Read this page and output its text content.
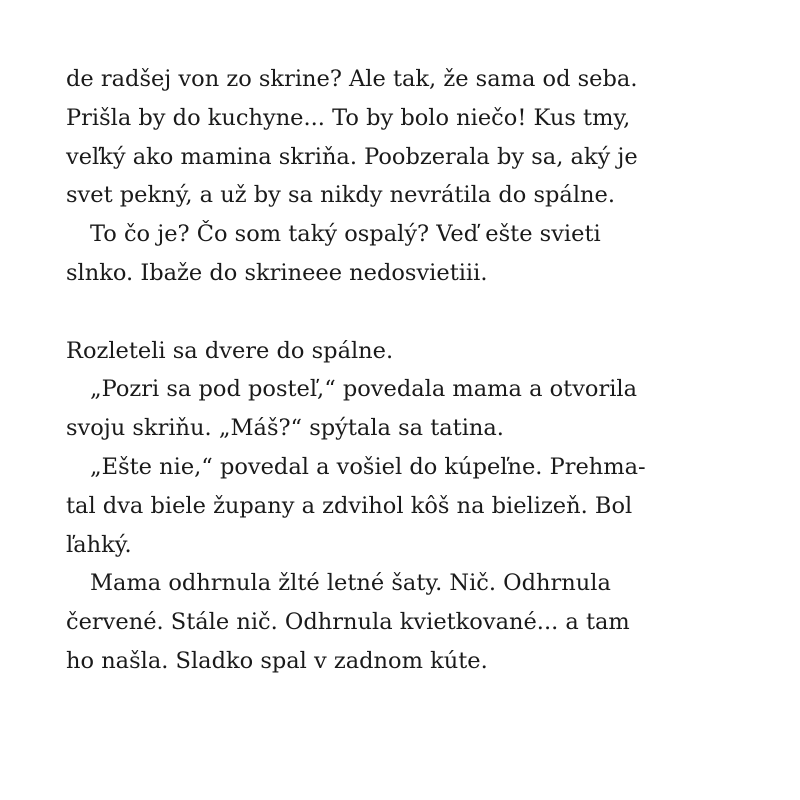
de radšej von zo skrine? Ale tak, že sama od seba.
Prišla by do kuchyne... To by bolo niečo! Kus tmy,
veľký ako mamina skriňa. Poobzerala by sa, aký je
svet pekný, a už by sa nikdy nevrátila do spálne.
To čo je? Čo som taký ospalý? Veď ešte svieti
slnko. Ibaže do skrineee nedosvietiii.
Rozleteli sa dvere do spálne.
„Pozri sa pod posteľ,“ povedala mama a otvorila
svoju skriňu. „Máš?“ spýtala sa tatina.
„Ešte nie,“ povedal a vošiel do kúpeľne. Prehma-
tal dva biele župany a zdvihol kôš na bielizeň. Bol
ľahký.
Mama odhrnula žlté letné šaty. Nič. Odhrnula
červené. Stále nič. Odhrnula kvietkované... a tam
ho našla. Sladko spal v zadnom kúte.
